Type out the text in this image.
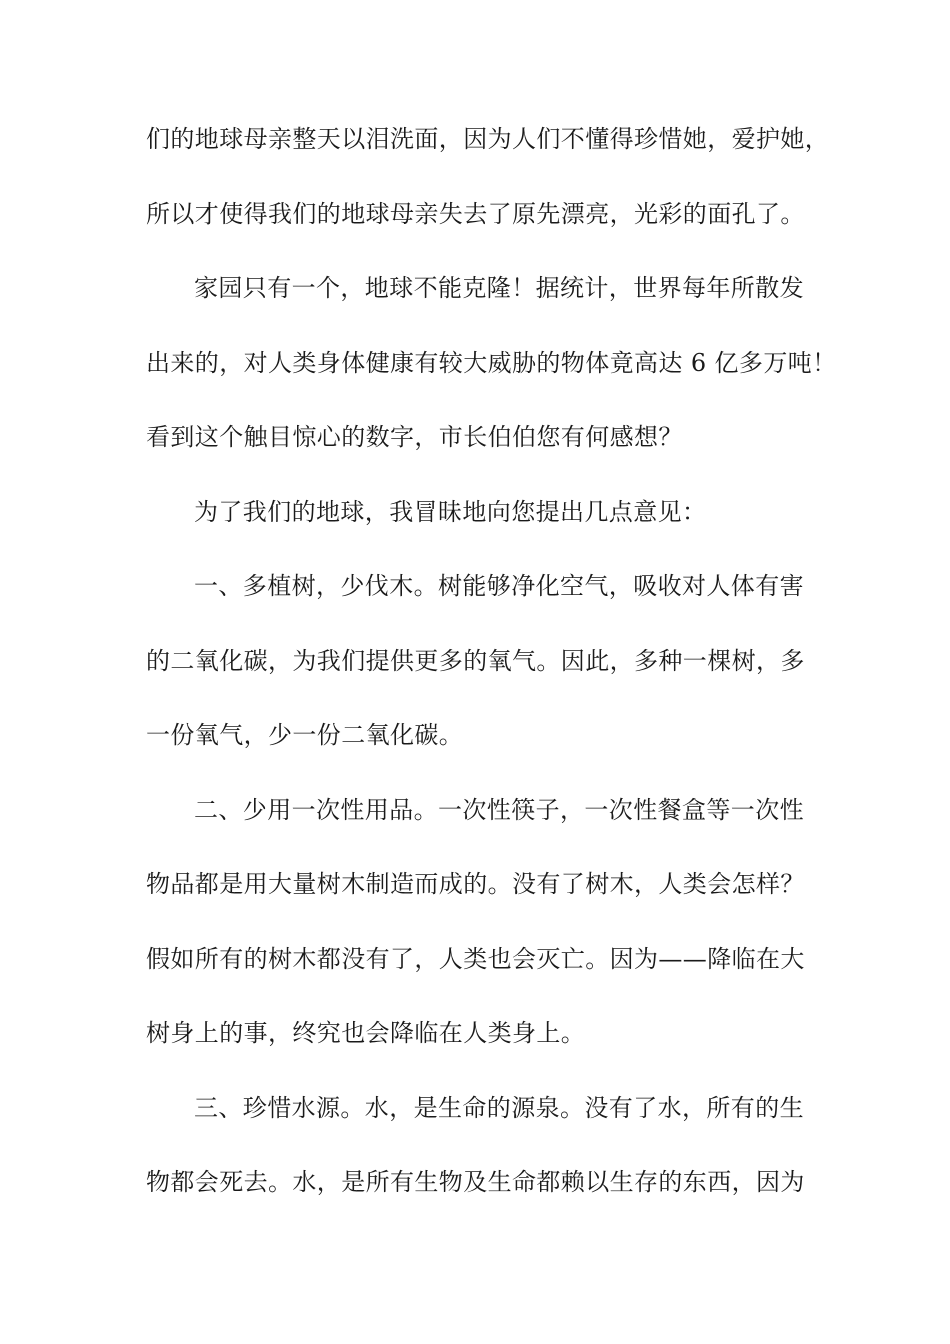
们的地球母亲整天以泪洗面，因为人们不懂得珍惜她，爱护她，
所以才使得我们的地球母亲失去了原先漂亮，光彩的面孔了。
家园只有一个，地球不能克隆！据统计，世界每年所散发
出来的，对人类身体健康有较大威胁的物体竟高达 6 亿多万吨！
看到这个触目惊心的数字，市长伯伯您有何感想？
为了我们的地球，我冒昧地向您提出几点意见：
一、多植树，少伐木。树能够净化空气，吸收对人体有害
的二氧化碳，为我们提供更多的氧气。因此，多种一棵树，多
一份氧气，少一份二氧化碳。
二、少用一次性用品。一次性筷子，一次性餐盒等一次性
物品都是用大量树木制造而成的。没有了树木，人类会怎样？
假如所有的树木都没有了，人类也会灭亡。因为——降临在大
树身上的事，终究也会降临在人类身上。
三、珍惜水源。水，是生命的源泉。没有了水，所有的生
物都会死去。水，是所有生物及生命都赖以生存的东西，因为
